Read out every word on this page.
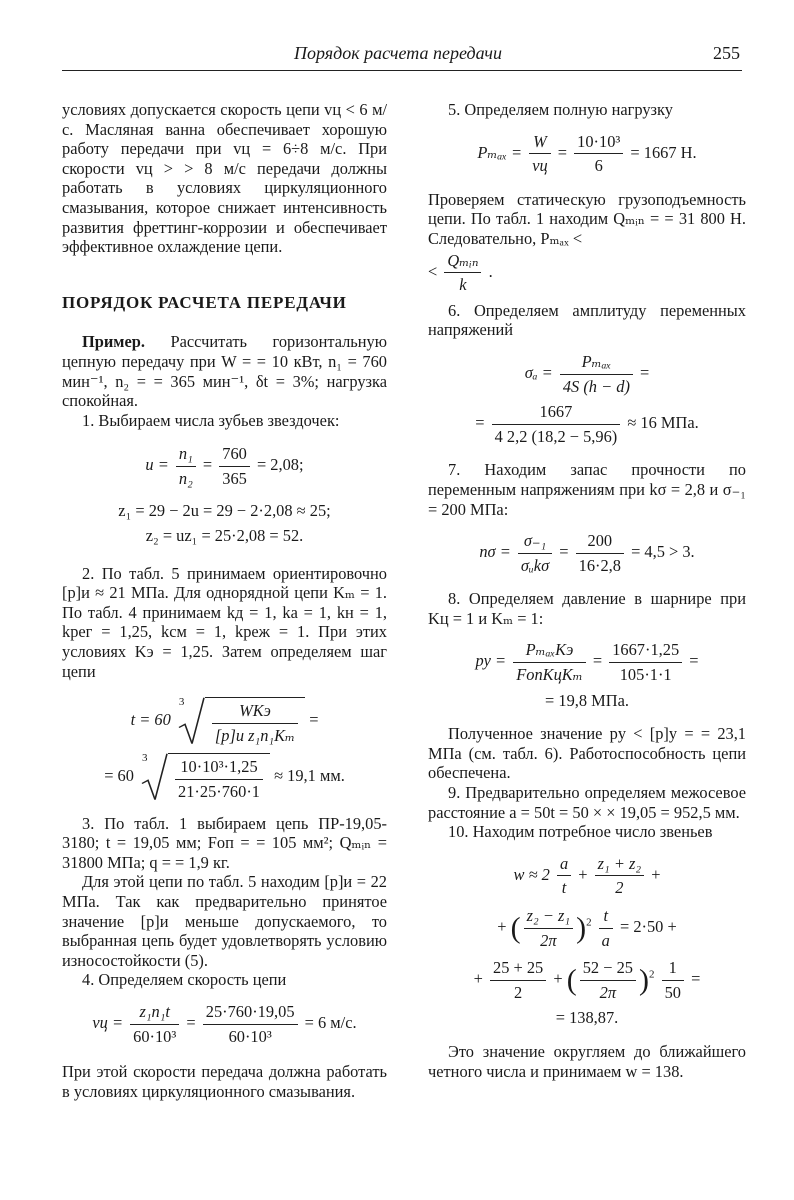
Порядок расчета передачи	255

условиях допускается скорость цепи vц < 6 м/с. Масляная ванна обеспечивает хорошую работу передачи при vц = 6÷8 м/с. При скорости vц > > 8 м/с передачи должны работать в условиях циркуляционного смазывания, которое снижает интенсивность развития фреттинг-коррозии и обеспечивает эффективное охлаждение цепи.

ПОРЯДОК РАСЧЕТА ПЕРЕДАЧИ

Пример. Рассчитать горизонтальную цепную передачу при W = = 10 кВт, n₁ = 760 мин⁻¹, n₂ = = 365 мин⁻¹, δt = 3%; нагрузка спокойная.

1. Выбираем числа зубьев звездочек:

$u = \frac{\text{n₁}}{\text{n₂}} = \frac{760}{365} = 2,08$;
z₁ = 29 − 2u = 29 − 2·2,08 ≈ 25;
z₂ = uz₁ = 25·2,08 = 52.

2. По табл. 5 принимаем ориентировочно [p]и ≈ 21 МПа. Для однорядной цепи Kₘ = 1. По табл. 4 принимаем kд = 1, kа = 1, kн = 1, kрег = 1,25, kсм = 1, kреж = 1. При этих условиях Kэ = 1,25. Затем определяем шаг цепи

t = 60
$3 \frac{\text{WKэ}}{\text{[p]и z₁n₁Kₘ}}$ =
= 60
$3 \frac{\text{10·10³·1,25}}{21\cdot 25\cdot 760\cdot 1} \approx 19,1$ мм.

3. По табл. 1 выбираем цепь ПР-19,05-3180; t = 19,05 мм; Fоп = = 105 мм²; Qₘᵢₙ = 31800 МПа; q = = 1,9 кг.

Для этой цепи по табл. 5 находим [p]и = 22 МПа. Так как предварительно принятое значение [p]и меньше допускаемого, то выбранная цепь будет удовлетворять условию износостойкости (5).

4. Определяем скорость цепи

vц = $\frac{\text{z₁n₁t}}{\text{60·10³}} = \frac{25\cdot 760\cdot 19,05}{\text{60·10³}} = 6$ м/с.

При этой скорости передача должна работать в условиях циркуляционного смазывания.

5. Определяем полную нагрузку

$P_{max} = \frac{W}{vц} = \frac{\text{10·10³}}{6} = 1667$ Н.

Проверяем статическую грузоподъемность цепи. По табл. 1 находим Qₘᵢₙ = = 31 800 Н. Следовательно, Pₘₐₓ <

< $\frac{\text{Qₘᵢₙ}}{k}$ .

6. Определяем амплитуду переменных напряжений

$\sigma_a = \frac{\text{Pₘₐₓ}}{4S (h - d)}$ =
= $\frac{1667}{4 2,2 (18,2 - 5,96)} \approx 16$ МПа.

7. Находим запас прочности по переменным напряжениям при kσ = 2,8 и σ₋₁ = 200 МПа:

$n\sigma = \frac{\text{σ₋₁}}{\text{σᵤkσ}} = \frac{200}{16\cdot 2,8} = 4,5 > 3$.

8. Определяем давление в шарнире при Kц = 1 и Kₘ = 1:

pу = $\frac{\text{PₘₐₓKэ}}{\text{FопKцKₘ}} = \frac{1667\cdot 1,25}{105\cdot 1\cdot 1}$ =
= 19,8 МПа.

Полученное значение pу < [p]у = = 23,1 МПа (см. табл. 6). Работоспособность цепи обеспечена.

9. Предварительно определяем межосевое расстояние a = 50t = 50 × × 19,05 = 952,5 мм.

10. Находим потребное число звеньев

$w \approx 2 \frac{a}{t} + \frac{\text{z₁ + z₂}}{2}$ +
+ ( $\frac{\text{z₂ − z₁}}{2\pi} )^2 \frac{t}{a} = 2\cdot 50$ +
+ $\frac{25 + 25}{2}$ + ( $\frac{52 - 25}{2\pi} )^2 \frac{1}{50}$ =
= 138,87.

Это значение округляем до ближайшего четного числа и принимаем w = 138.
